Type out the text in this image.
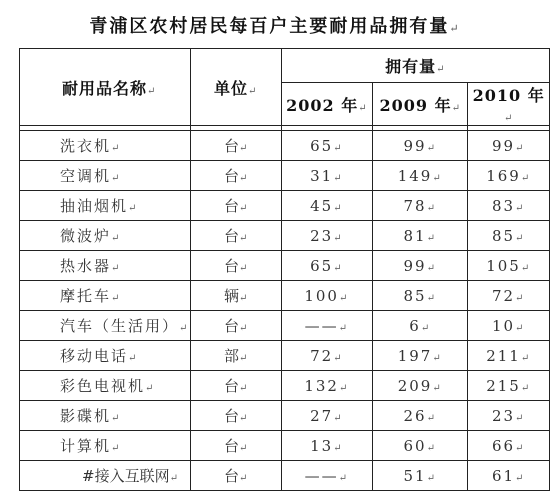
青浦区农村居民每百户主要耐用品拥有量↵
耐用品名称↵	单位↵	拥有量↵		
		2002 年↵	2009 年↵	2010 年↵

洗衣机↵	台↵	65↵	99↵	99↵
空调机↵	台↵	31↵	149↵	169↵
抽油烟机↵	台↵	45↵	78↵	83↵
微波炉↵	台↵	23↵	81↵	85↵
热水器↵	台↵	65↵	99↵	105↵
摩托车↵	辆↵	100↵	85↵	72↵
汽车（生活用）↵	台↵	——↵	6↵	10↵
移动电话↵	部↵	72↵	197↵	211↵
彩色电视机↵	台↵	132↵	209↵	215↵
影碟机↵	台↵	27↵	26↵	23↵
计算机↵	台↵	13↵	60↵	66↵
#接入互联网↵	台↵	——↵	51↵	61↵
